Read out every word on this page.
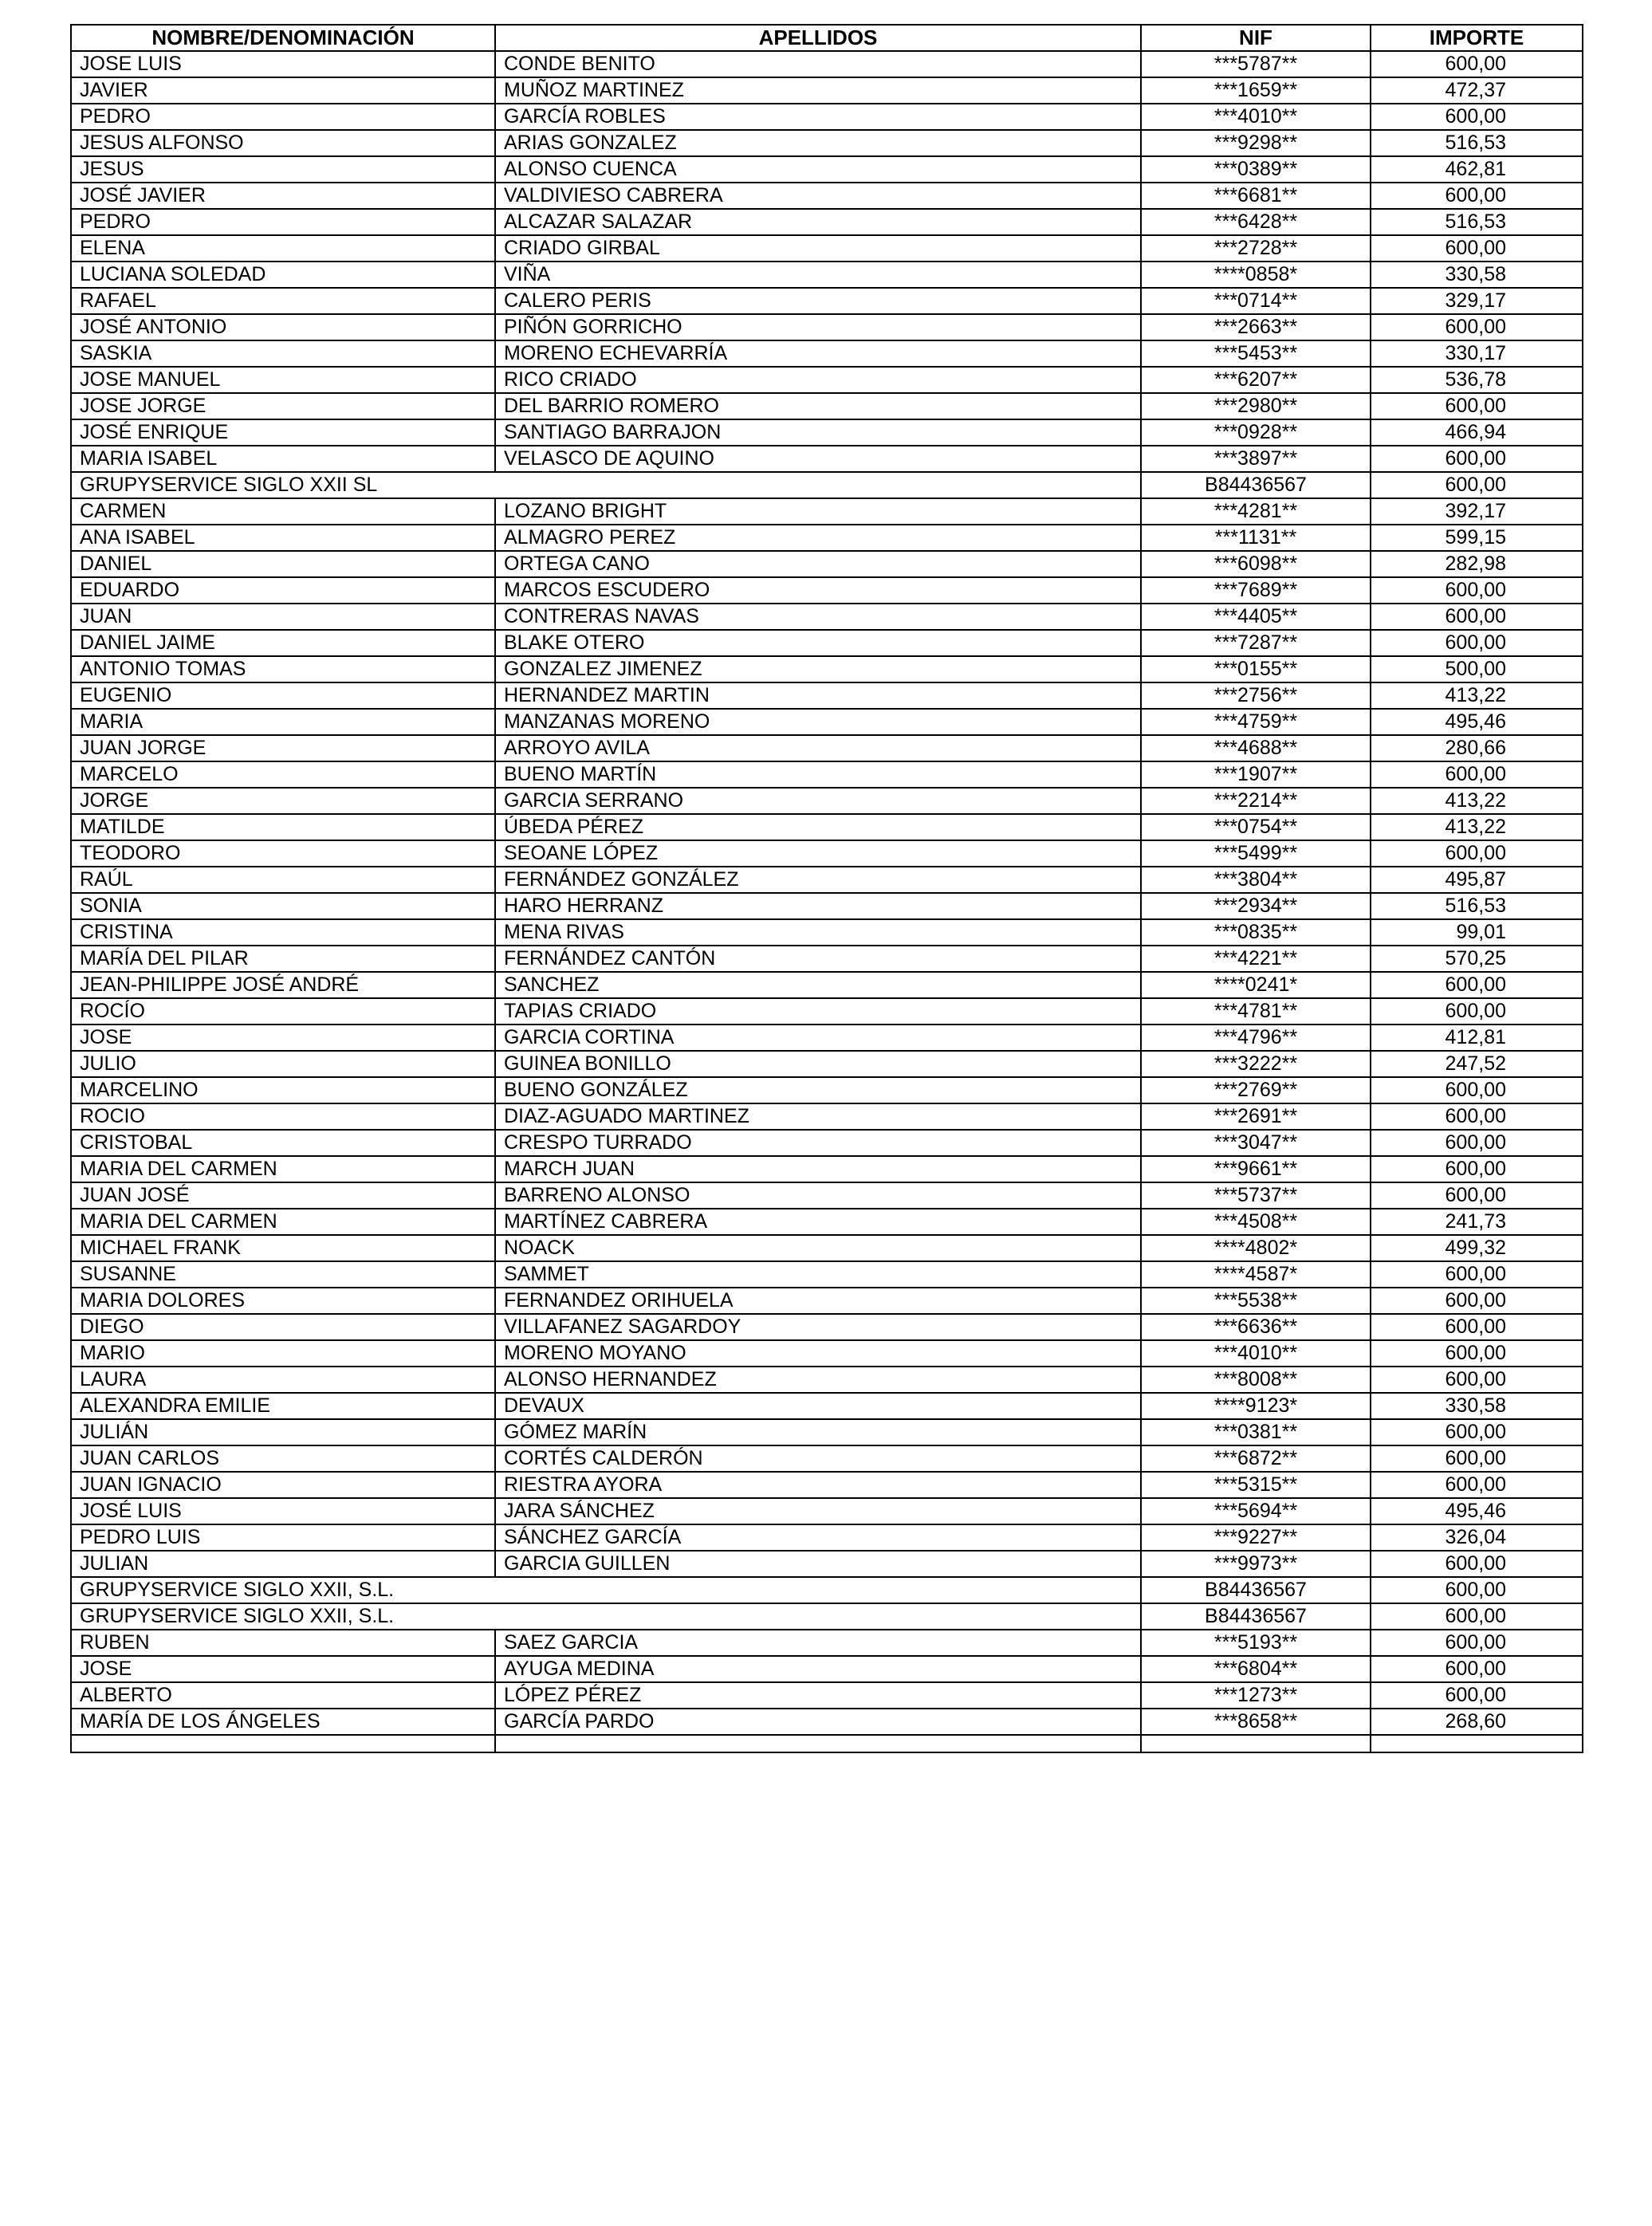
NOMBRE/DENOMINACIÓN	APELLIDOS	NIF	IMPORTE
JOSE LUIS	CONDE BENITO	***5787**	600,00
JAVIER	MUÑOZ MARTINEZ	***1659**	472,37
PEDRO	GARCÍA ROBLES	***4010**	600,00
JESUS ALFONSO	ARIAS GONZALEZ	***9298**	516,53
JESUS	ALONSO CUENCA	***0389**	462,81
JOSÉ JAVIER	VALDIVIESO CABRERA	***6681**	600,00
PEDRO	ALCAZAR SALAZAR	***6428**	516,53
ELENA	CRIADO GIRBAL	***2728**	600,00
LUCIANA SOLEDAD	VIÑA	****0858*	330,58
RAFAEL	CALERO PERIS	***0714**	329,17
JOSÉ ANTONIO	PIÑÓN GORRICHO	***2663**	600,00
SASKIA	MORENO ECHEVARRÍA	***5453**	330,17
JOSE MANUEL	RICO CRIADO	***6207**	536,78
JOSE JORGE	DEL BARRIO ROMERO	***2980**	600,00
JOSÉ ENRIQUE	SANTIAGO BARRAJON	***0928**	466,94
MARIA ISABEL	VELASCO DE AQUINO	***3897**	600,00
GRUPYSERVICE SIGLO XXII SL		B84436567	600,00
CARMEN	LOZANO BRIGHT	***4281**	392,17
ANA ISABEL	ALMAGRO PEREZ	***1131**	599,15
DANIEL	ORTEGA CANO	***6098**	282,98
EDUARDO	MARCOS ESCUDERO	***7689**	600,00
JUAN	CONTRERAS NAVAS	***4405**	600,00
DANIEL JAIME	BLAKE OTERO	***7287**	600,00
ANTONIO TOMAS	GONZALEZ JIMENEZ	***0155**	500,00
EUGENIO	HERNANDEZ MARTIN	***2756**	413,22
MARIA	MANZANAS MORENO	***4759**	495,46
JUAN JORGE	ARROYO AVILA	***4688**	280,66
MARCELO	BUENO MARTÍN	***1907**	600,00
JORGE	GARCIA SERRANO	***2214**	413,22
MATILDE	ÚBEDA PÉREZ	***0754**	413,22
TEODORO	SEOANE LÓPEZ	***5499**	600,00
RAÚL	FERNÁNDEZ GONZÁLEZ	***3804**	495,87
SONIA	HARO HERRANZ	***2934**	516,53
CRISTINA	MENA RIVAS	***0835**	99,01
MARÍA DEL PILAR	FERNÁNDEZ CANTÓN	***4221**	570,25
JEAN-PHILIPPE JOSÉ ANDRÉ	SANCHEZ	****0241*	600,00
ROCÍO	TAPIAS CRIADO	***4781**	600,00
JOSE	GARCIA CORTINA	***4796**	412,81
JULIO	GUINEA BONILLO	***3222**	247,52
MARCELINO	BUENO GONZÁLEZ	***2769**	600,00
ROCIO	DIAZ-AGUADO MARTINEZ	***2691**	600,00
CRISTOBAL	CRESPO TURRADO	***3047**	600,00
MARIA DEL CARMEN	MARCH JUAN	***9661**	600,00
JUAN JOSÉ	BARRENO ALONSO	***5737**	600,00
MARIA DEL CARMEN	MARTÍNEZ CABRERA	***4508**	241,73
MICHAEL FRANK	NOACK	****4802*	499,32
SUSANNE	SAMMET	****4587*	600,00
MARIA DOLORES	FERNANDEZ ORIHUELA	***5538**	600,00
DIEGO	VILLAFANEZ SAGARDOY	***6636**	600,00
MARIO	MORENO MOYANO	***4010**	600,00
LAURA	ALONSO HERNANDEZ	***8008**	600,00
ALEXANDRA EMILIE	DEVAUX	****9123*	330,58
JULIÁN	GÓMEZ MARÍN	***0381**	600,00
JUAN CARLOS	CORTÉS CALDERÓN	***6872**	600,00
JUAN IGNACIO	RIESTRA AYORA	***5315**	600,00
JOSÉ LUIS	JARA SÁNCHEZ	***5694**	495,46
PEDRO LUIS	SÁNCHEZ GARCÍA	***9227**	326,04
JULIAN	GARCIA GUILLEN	***9973**	600,00
GRUPYSERVICE SIGLO XXII, S.L.		B84436567	600,00
GRUPYSERVICE SIGLO XXII, S.L.		B84436567	600,00
RUBEN	SAEZ GARCIA	***5193**	600,00
JOSE	AYUGA MEDINA	***6804**	600,00
ALBERTO	LÓPEZ PÉREZ	***1273**	600,00
MARÍA DE LOS ÁNGELES	GARCÍA PARDO	***8658**	268,60
